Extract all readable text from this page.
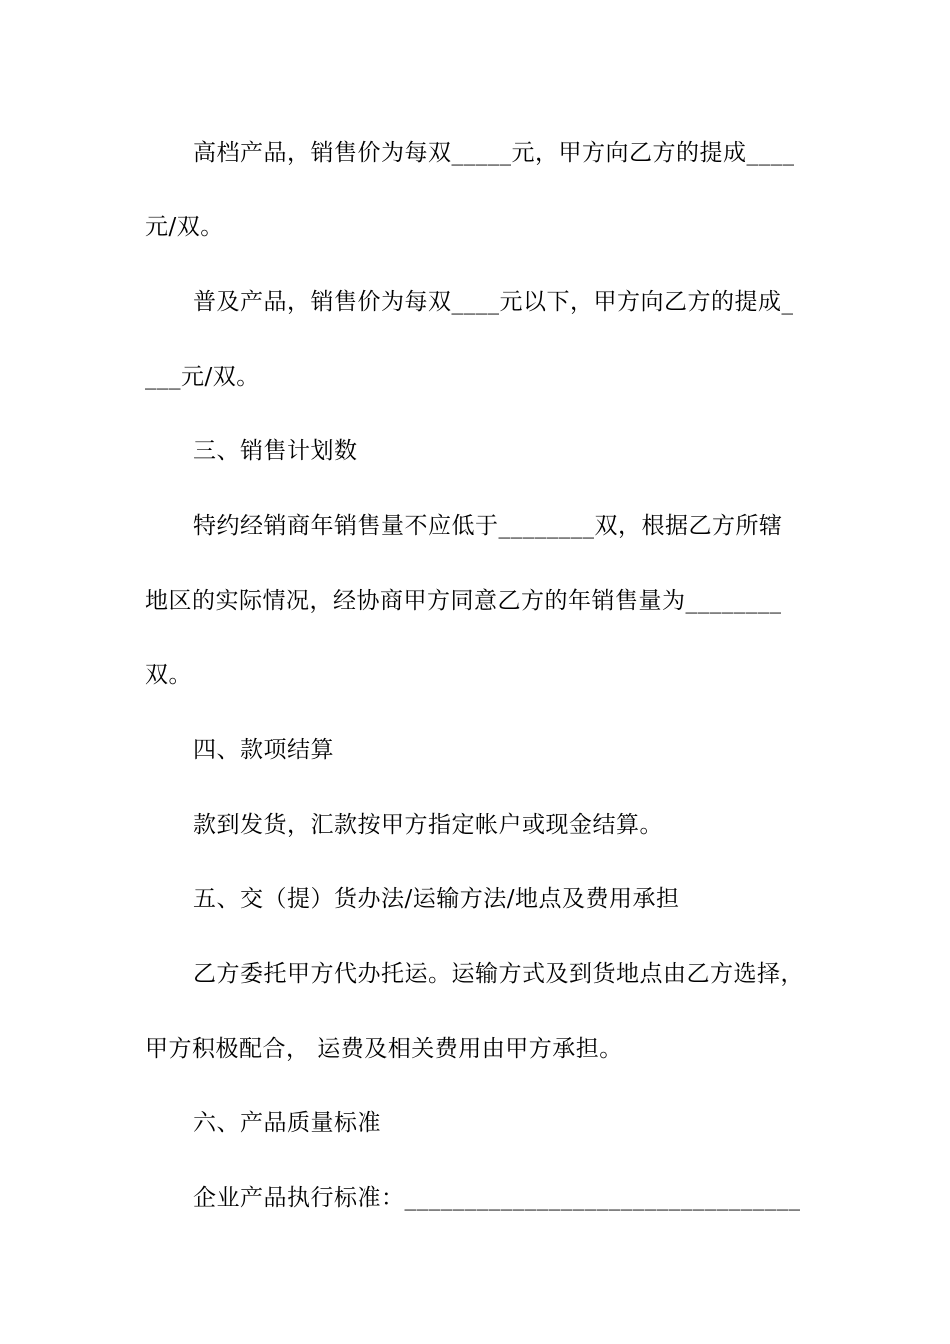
高档产品，销售价为每双_____元，甲方向乙方的提成____
元/双。
普及产品，销售价为每双____元以下，甲方向乙方的提成_
___元/双。
三、销售计划数
特约经销商年销售量不应低于________双，根据乙方所辖
地区的实际情况，经协商甲方同意乙方的年销售量为________
双。
四、款项结算
款到发货，汇款按甲方指定帐户或现金结算。
五、交（提）货办法/运输方法/地点及费用承担
乙方委托甲方代办托运。运输方式及到货地点由乙方选择，
甲方积极配合， 运费及相关费用由甲方承担。
六、产品质量标准
企业产品执行标准：_________________________________
